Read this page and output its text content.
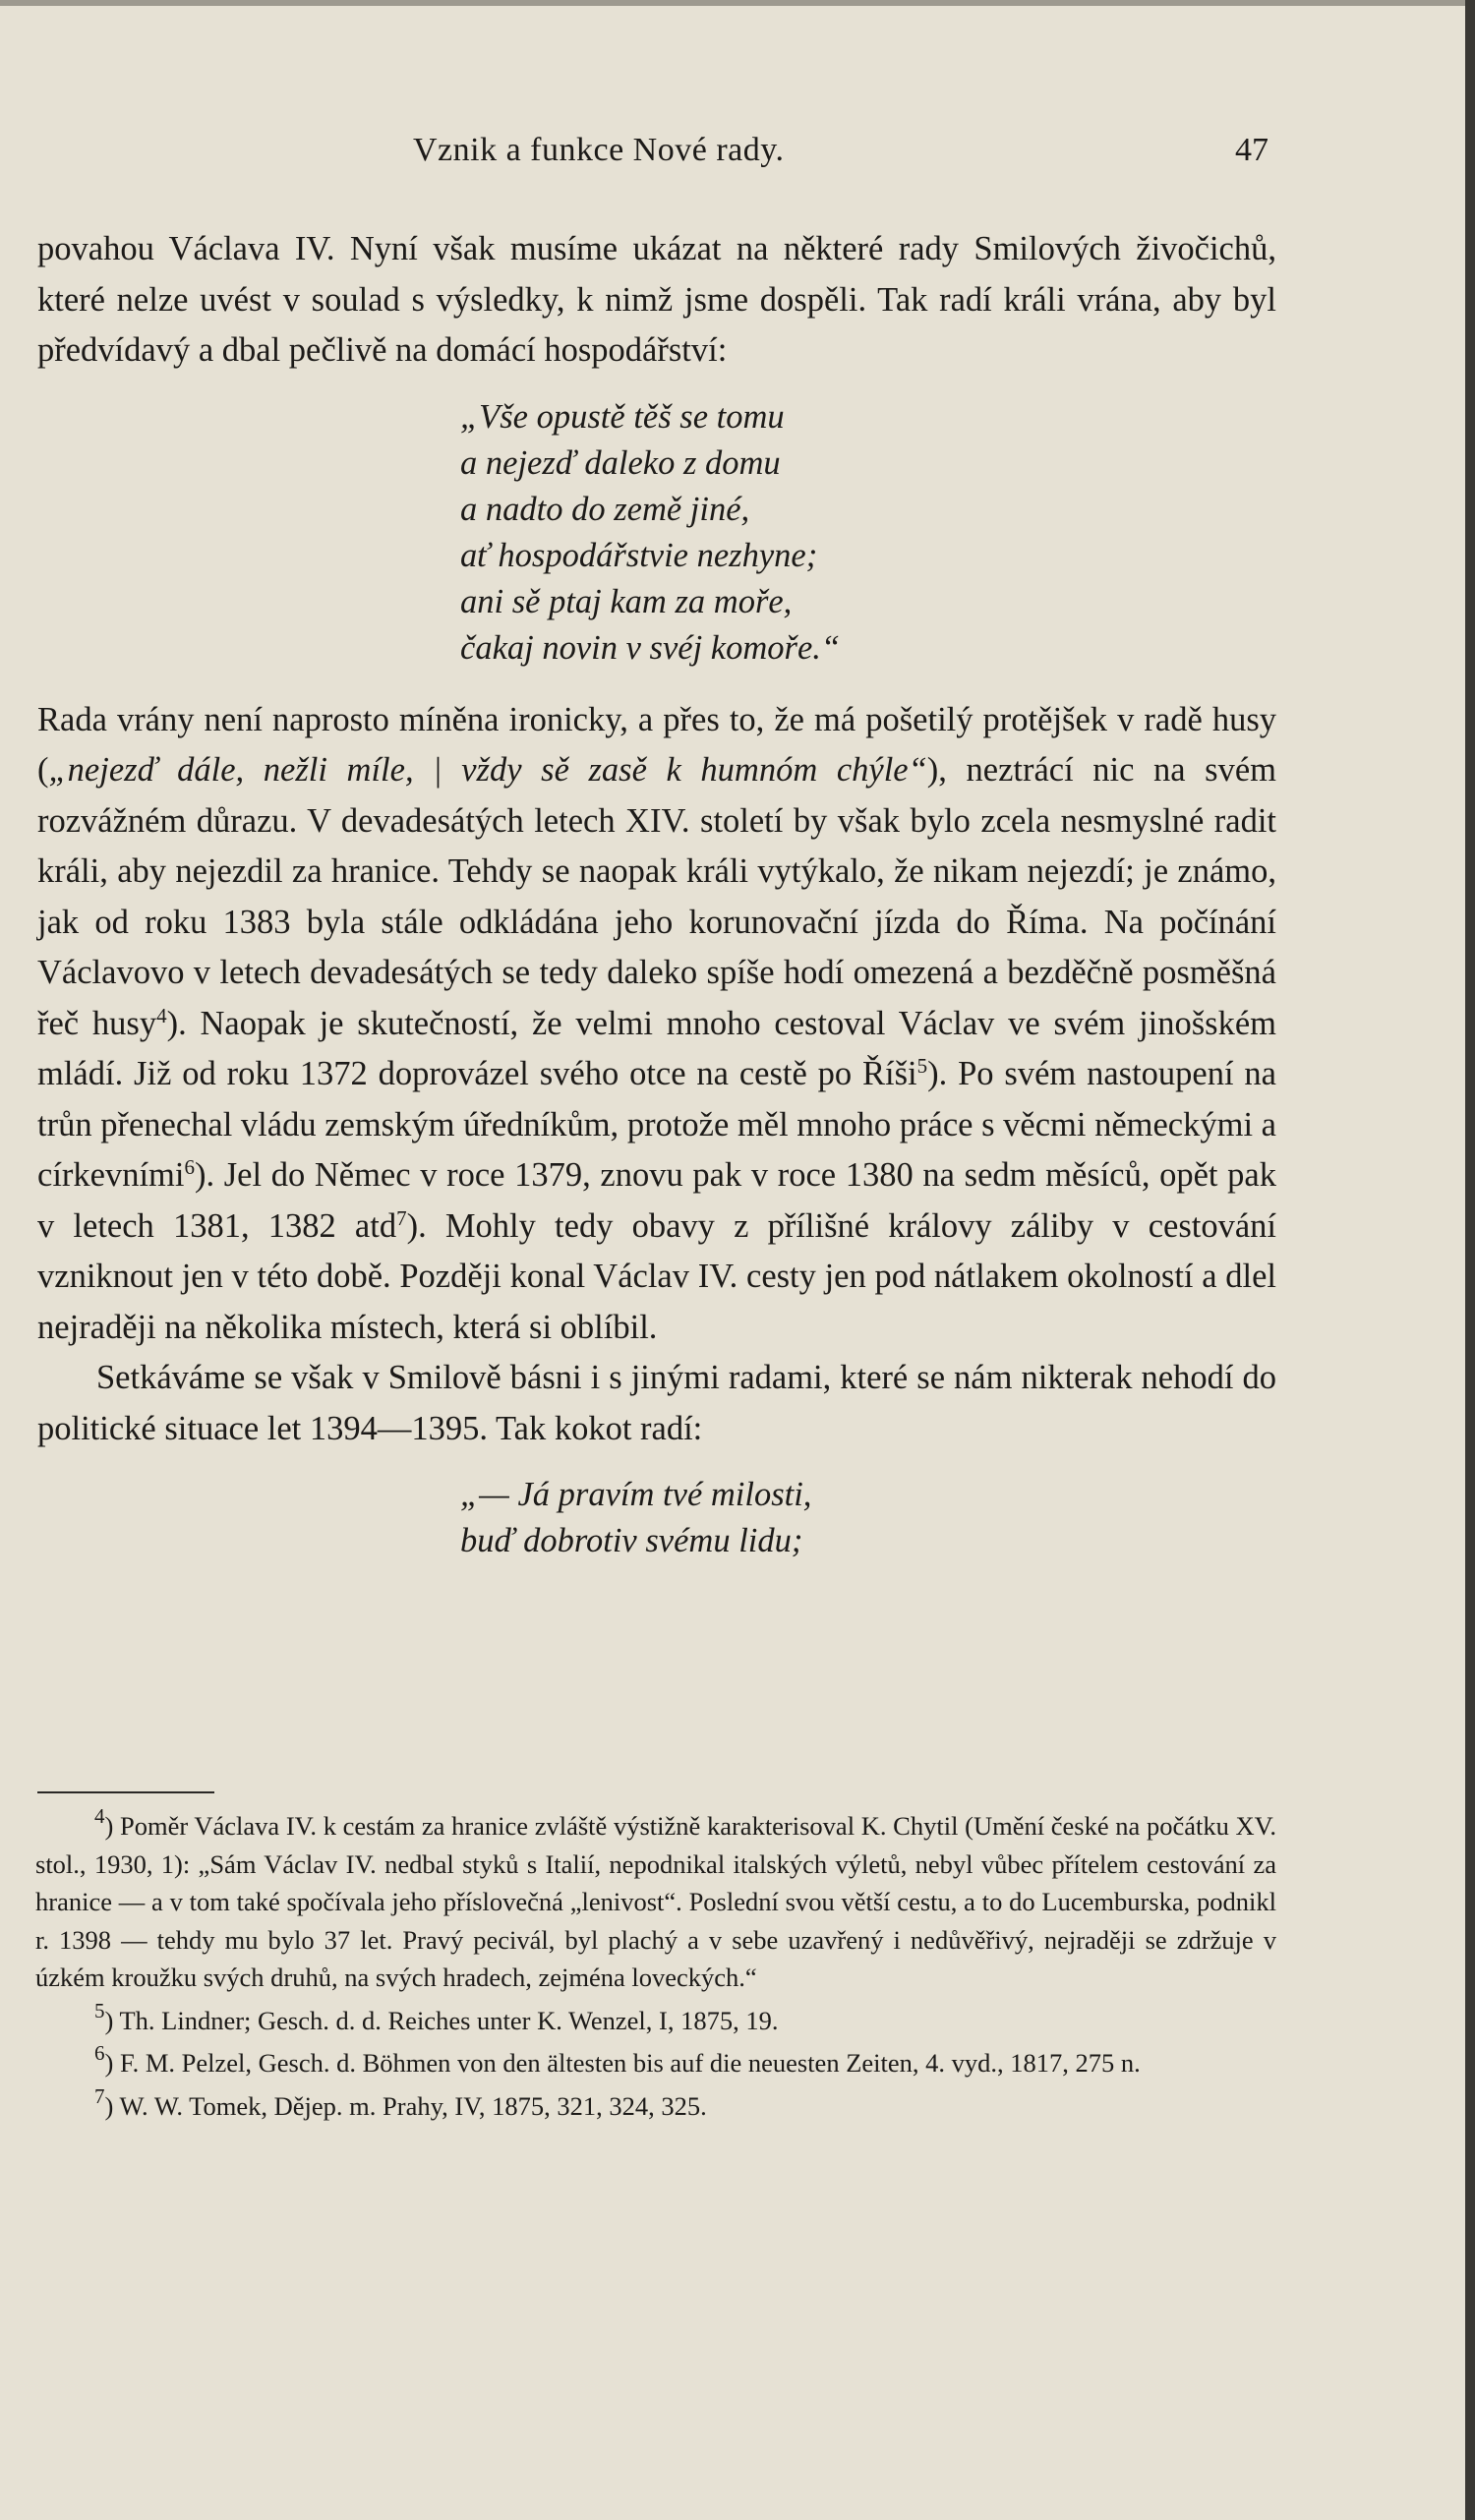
Vznik a funkce Nové rady.	47

povahou Václava IV. Nyní však musíme ukázat na některé rady Smilových živočichů, které nelze uvést v soulad s výsledky, k nimž jsme dospěli. Tak radí králi vrána, aby byl předvídavý a dbal pečlivě na domácí hospodářství:

„Vše opustě těš se tomu
a nejezď daleko z domu
a nadto do země jiné,
ať hospodářstvie nezhyne;
ani sě ptaj kam za moře,
čakaj novin v svéj komoře.“

Rada vrány není naprosto míněna ironicky, a přes to, že má pošetilý protějšek v radě husy („nejezď dále, nežli míle, | vždy sě zasě k humnóm chýle“), neztrácí nic na svém rozvážném důrazu. V devadesátých letech XIV. století by však bylo zcela nesmyslné radit králi, aby nejezdil za hranice. Tehdy se naopak králi vytýkalo, že nikam nejezdí; je známo, jak od roku 1383 byla stále odkládána jeho korunovační jízda do Říma. Na počínání Václavovo v letech devadesátých se tedy daleko spíše hodí omezená a bezděčně posměšná řeč husy$^4$). Naopak je skutečností, že velmi mnoho cestoval Václav ve svém jinošském mládí. Již od roku 1372 doprovázel svého otce na cestě po Říši$^5$). Po svém nastoupení na trůn přenechal vládu zemským úředníkům, protože měl mnoho práce s věcmi německými a církevními$^6$). Jel do Němec v roce 1379, znovu pak v roce 1380 na sedm měsíců, opět pak v letech 1381, 1382 atd$^7$). Mohly tedy obavy z přílišné královy záliby v cestování vzniknout jen v této době. Později konal Václav IV. cesty jen pod nátlakem okolností a dlel nejraději na několika místech, která si oblíbil.

Setkáváme se však v Smilově básni i s jinými radami, které se nám nikterak nehodí do politické situace let 1394—1395. Tak kokot radí:

„— Já pravím tvé milosti,
buď dobrotiv svému lidu;

$^4$) Poměr Václava IV. k cestám za hranice zvláště výstižně karakterisoval K. Chytil (Umění české na počátku XV. stol., 1930, 1): „Sám Václav IV. nedbal styků s Italií, nepodnikal italských výletů, nebyl vůbec přítelem cestování za hranice — a v tom také spočívala jeho příslovečná „lenivost“. Poslední svou větší cestu, a to do Lucemburska, podnikl r. 1398 — tehdy mu bylo 37 let. Pravý pecivál, byl plachý a v sebe uzavřený i nedůvěřivý, nejraději se zdržuje v úzkém kroužku svých druhů, na svých hradech, zejména loveckých.“

$^5$) Th. Lindner; Gesch. d. d. Reiches unter K. Wenzel, I, 1875, 19.

$^6$) F. M. Pelzel, Gesch. d. Böhmen von den ältesten bis auf die neuesten Zeiten, 4. vyd., 1817, 275 n.

$^7$) W. W. Tomek, Dějep. m. Prahy, IV, 1875, 321, 324, 325.
